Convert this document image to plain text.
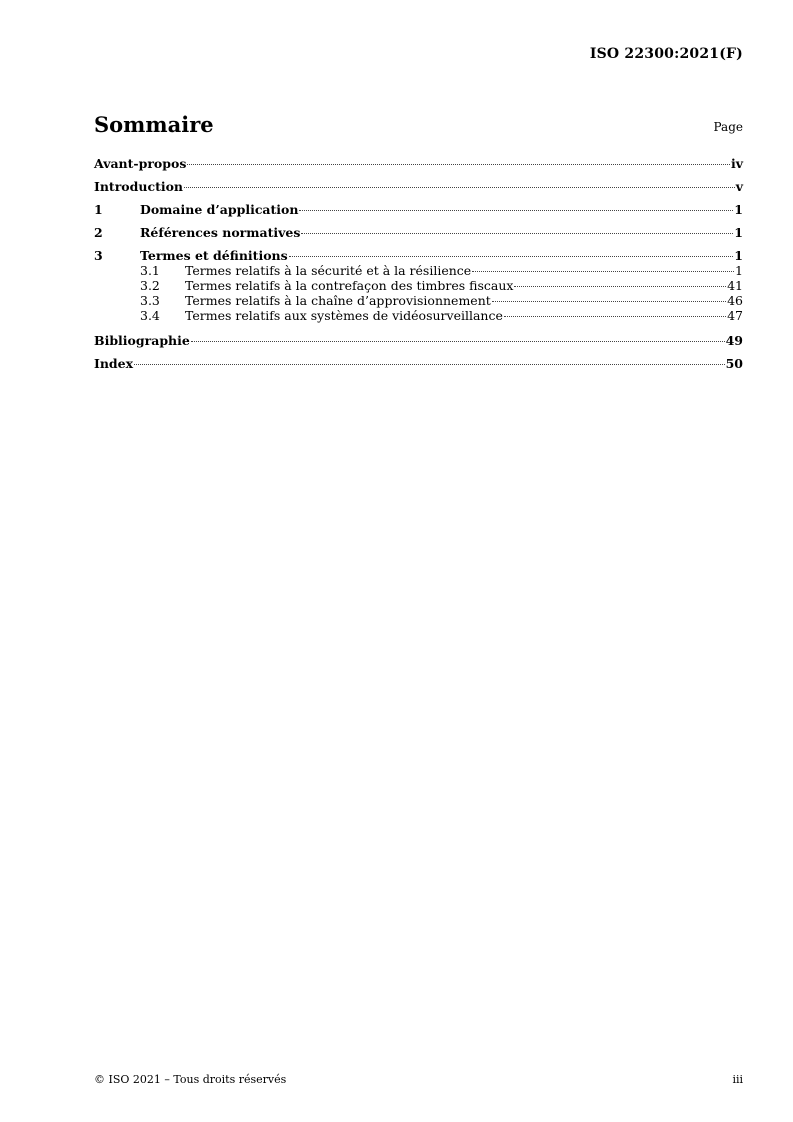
ISO 22300:2021(F)
Sommaire	Page
Avant-propos	iv
Introduction	v
1	Domaine d’application	1
2	Références normatives	1
3	Termes et définitions	1
3.1	Termes relatifs à la sécurité et à la résilience	1
3.2	Termes relatifs à la contrefaçon des timbres fiscaux	41
3.3	Termes relatifs à la chaîne d’approvisionnement	46
3.4	Termes relatifs aux systèmes de vidéosurveillance	47
Bibliographie	49
Index	50
© ISO 2021 – Tous droits réservés	iii
